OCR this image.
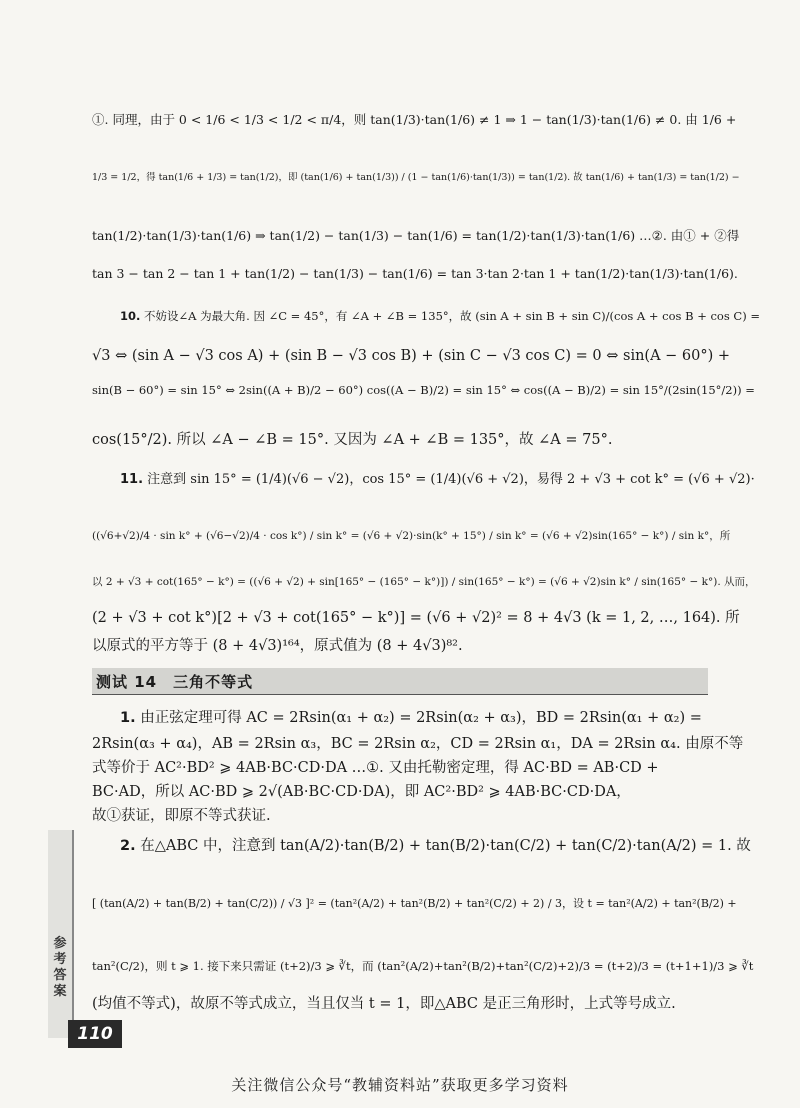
①. 同理，由于 0 < 1/6 < 1/3 < 1/2 < π/4，则 tan(1/3)·tan(1/6) ≠ 1 ⇒ 1 − tan(1/3)·tan(1/6) ≠ 0. 由 1/6 +
1/3 = 1/2，得 tan(1/6 + 1/3) = tan(1/2)，即 (tan(1/6) + tan(1/3)) / (1 − tan(1/6)·tan(1/3)) = tan(1/2). 故 tan(1/6) + tan(1/3) = tan(1/2) −
tan(1/2)·tan(1/3)·tan(1/6) ⇒ tan(1/2) − tan(1/3) − tan(1/6) = tan(1/2)·tan(1/3)·tan(1/6) …②. 由① + ②得
tan 3 − tan 2 − tan 1 + tan(1/2) − tan(1/3) − tan(1/6) = tan 3·tan 2·tan 1 + tan(1/2)·tan(1/3)·tan(1/6).
10. 不妨设∠A 为最大角. 因 ∠C = 45°，有 ∠A + ∠B = 135°，故 (sin A + sin B + sin C)/(cos A + cos B + cos C) =
√3 ⇔ (sin A − √3 cos A) + (sin B − √3 cos B) + (sin C − √3 cos C) = 0 ⇔ sin(A − 60°) +
sin(B − 60°) = sin 15° ⇔ 2sin((A + B)/2 − 60°) cos((A − B)/2) = sin 15° ⇔ cos((A − B)/2) = sin 15°/(2sin(15°/2)) =
cos(15°/2). 所以 ∠A − ∠B = 15°. 又因为 ∠A + ∠B = 135°，故 ∠A = 75°.
11. 注意到 sin 15° = (1/4)(√6 − √2)，cos 15° = (1/4)(√6 + √2)，易得 2 + √3 + cot k° = (√6 + √2)·
((√6+√2)/4 · sin k° + (√6−√2)/4 · cos k°) / sin k° = (√6 + √2)·sin(k° + 15°) / sin k° = (√6 + √2)sin(165° − k°) / sin k°，所
以 2 + √3 + cot(165° − k°) = ((√6 + √2) + sin[165° − (165° − k°)]) / sin(165° − k°) = (√6 + √2)sin k° / sin(165° − k°). 从而，
(2 + √3 + cot k°)[2 + √3 + cot(165° − k°)] = (√6 + √2)² = 8 + 4√3 (k = 1, 2, …, 164). 所
以原式的平方等于 (8 + 4√3)¹⁶⁴，原式值为 (8 + 4√3)⁸².
测试 14　三角不等式
1. 由正弦定理可得 AC = 2Rsin(α₁ + α₂) = 2Rsin(α₂ + α₃)，BD = 2Rsin(α₁ + α₂) =
2Rsin(α₃ + α₄)，AB = 2Rsin α₃，BC = 2Rsin α₂，CD = 2Rsin α₁，DA = 2Rsin α₄. 由原不等
式等价于 AC²·BD² ⩾ 4AB·BC·CD·DA …①. 又由托勒密定理，得 AC·BD = AB·CD +
BC·AD，所以 AC·BD ⩾ 2√(AB·BC·CD·DA)，即 AC²·BD² ⩾ 4AB·BC·CD·DA，
故①获证，即原不等式获证.
2. 在△ABC 中，注意到 tan(A/2)·tan(B/2) + tan(B/2)·tan(C/2) + tan(C/2)·tan(A/2) = 1. 故
[ (tan(A/2) + tan(B/2) + tan(C/2)) / √3 ]² = (tan²(A/2) + tan²(B/2) + tan²(C/2) + 2) / 3，设 t = tan²(A/2) + tan²(B/2) +
tan²(C/2)，则 t ⩾ 1. 接下来只需证 (t+2)/3 ⩾ ∛t，而 (tan²(A/2)+tan²(B/2)+tan²(C/2)+2)/3 = (t+2)/3 = (t+1+1)/3 ⩾ ∛t
(均值不等式)，故原不等式成立，当且仅当 t = 1，即△ABC 是正三角形时，上式等号成立.
参考答案
110
关注微信公众号“教辅资料站”获取更多学习资料
